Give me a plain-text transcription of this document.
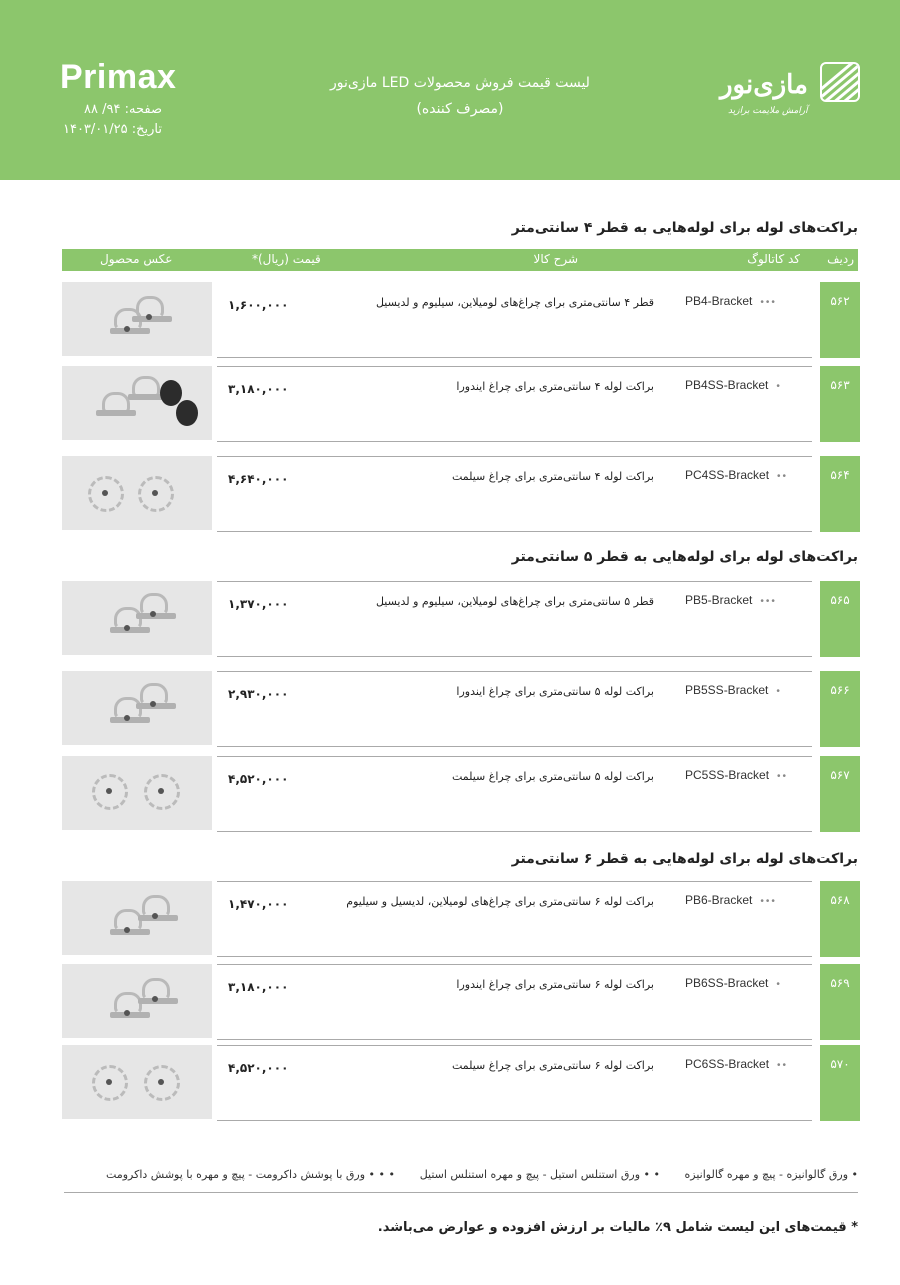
Primax
صفحه: ۹۴/ ۸۸
تاریخ: ۱۴۰۳/۰۱/۲۵
لیست قیمت فروش محصولات LED مازی‌نور
(مصرف کننده)
مازی‌نور
آرامش ملایمت برازید
براکت‌های لوله برای لوله‌هایی به قطر ۴ سانتی‌متر
ردیف
کد کاتالوگ
شرح کالا
قیمت (ریال)*
عکس محصول
۱,۶۰۰,۰۰۰	قطر ۴ سانتی‌متری برای چراغ‌های لومیلاین، سیلیوم و لدیسیل	PB4-Bracket •••	۵۶۲
۳,۱۸۰,۰۰۰	براکت لوله ۴ سانتی‌متری برای چراغ ایندورا	PB4SS-Bracket •	۵۶۳
۴,۶۴۰,۰۰۰	براکت لوله ۴ سانتی‌متری برای چراغ سیلمت	PC4SS-Bracket ••	۵۶۴
براکت‌های لوله برای لوله‌هایی به قطر ۵ سانتی‌متر
۱,۳۷۰,۰۰۰	قطر ۵ سانتی‌متری برای چراغ‌های لومیلاین، سیلیوم و لدیسیل	PB5-Bracket •••	۵۶۵
۲,۹۳۰,۰۰۰	براکت لوله ۵ سانتی‌متری برای چراغ ایندورا	PB5SS-Bracket •	۵۶۶
۴,۵۲۰,۰۰۰	براکت لوله ۵ سانتی‌متری برای چراغ سیلمت	PC5SS-Bracket ••	۵۶۷
براکت‌های لوله برای لوله‌هایی به قطر ۶ سانتی‌متر
۱,۴۷۰,۰۰۰	براکت لوله ۶ سانتی‌متری برای چراغ‌های لومیلاین، لدیسیل و سیلیوم	PB6-Bracket •••	۵۶۸
۳,۱۸۰,۰۰۰	براکت لوله ۶ سانتی‌متری برای چراغ ایندورا	PB6SS-Bracket •	۵۶۹
۴,۵۲۰,۰۰۰	براکت لوله ۶ سانتی‌متری برای چراغ سیلمت	PC6SS-Bracket ••	۵۷۰
• ورق گالوانیزه - پیچ و مهره گالوانیزه
• • ورق استنلس استیل - پیچ و مهره استنلس استیل
• • • ورق با پوشش داکرومت - پیچ و مهره با پوشش داکرومت
* قیمت‌های این لیست شامل ۹٪ مالیات بر ارزش افزوده و عوارض می‌باشد.
